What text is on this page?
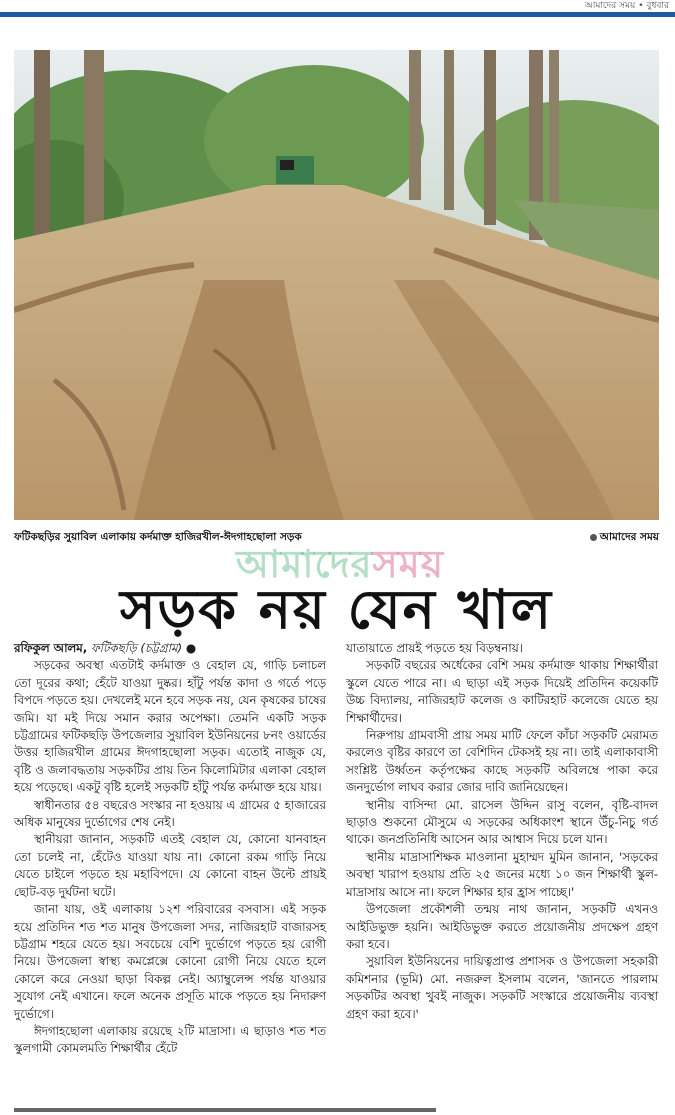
আমাদের সময় • বুধবার
ফটিকছড়ির সুয়াবিল এলাকায় কর্দমাক্ত হাজিরখীল-ঈদগাহছোলা সড়ক	আমাদের সময়
আমাদেরসময়
সড়ক নয় যেন খাল

রফিকুল আলম, ফটিকছড়ি (চট্টগ্রাম) ●

সড়কের অবস্থা এতটাই কর্দমাক্ত ও বেহাল যে, গাড়ি চলাচল তো দূরের কথা; হেঁটে যাওয়া দুষ্কর। হাঁটু পর্যন্ত কাদা ও গর্তে পড়ে বিপদে পড়তে হয়। দেখলেই মনে হবে সড়ক নয়, যেন কৃষকের চাষের জমি। যা মই দিয়ে সমান করার অপেক্ষা। তেমনি একটি সড়ক চট্টগ্রামের ফটিকছড়ি উপজেলার সুয়াবিল ইউনিয়নের ৮নং ওয়ার্ডের উত্তর হাজিরখীল গ্রামের ঈদগাহছোলা সড়ক। এতোই নাজুক যে, বৃষ্টি ও জলাবদ্ধতায় সড়কটির প্রায় তিন কিলোমিটার এলাকা বেহাল হয়ে পড়েছে। একটু বৃষ্টি হলেই সড়কটি হাঁটু পর্যন্ত কর্দমাক্ত হয়ে যায়।

স্বাধীনতার ৫৪ বছরেও সংস্কার না হওয়ায় এ গ্রামের ৫ হাজারের অধিক মানুষের দুর্ভোগের শেষ নেই।

স্থানীয়রা জানান, সড়কটি এতই বেহাল যে, কোনো যানবাহন তো চলেই না, হেঁটেও যাওয়া যায় না। কোনো রকম গাড়ি নিয়ে যেতে চাইলে পড়তে হয় মহাবিপদে। যে কোনো বাহন উল্টে প্রায়ই ছোট-বড় দুর্ঘটনা ঘটে।

জানা যায়, ওই এলাকায় ১২শ পরিবারের বসবাস। এই সড়ক হয়ে প্রতিদিন শত শত মানুষ উপজেলা সদর, নাজিরহাট বাজারসহ চট্টগ্রাম শহরে যেতে হয়। সবচেয়ে বেশি দুর্ভোগে পড়তে হয় রোগী নিয়ে। উপজেলা স্বাস্থ্য কমপ্লেক্সে কোনো রোগী নিয়ে যেতে হলে কোলে করে নেওয়া ছাড়া বিকল্প নেই। অ্যাম্বুলেন্স পর্যন্ত যাওয়ার সুযোগ নেই এখানে। ফলে অনেক প্রসূতি মাকে পড়তে হয় নিদারুণ দুর্ভোগে।

ঈদগাহছোলা এলাকায় রয়েছে ২টি মাদ্রাসা। এ ছাড়াও শত শত স্কুলগামী কোমলমতি শিক্ষার্থীর হেঁটে

যাতায়াতে প্রায়ই পড়তে হয় বিড়ম্বনায়।

সড়কটি বছরের অর্ধেকের বেশি সময় কর্দমাক্ত থাকায় শিক্ষার্থীরা স্কুলে যেতে পারে না। এ ছাড়া এই সড়ক দিয়েই প্রতিদিন কয়েকটি উচ্চ বিদ্যালয়, নাজিরহাট কলেজ ও কাটিরহাট কলেজে যেতে হয় শিক্ষার্থীদের।

নিরুপায় গ্রামবাসী প্রায় সময় মাটি ফেলে কাঁচা সড়কটি মেরামত করলেও বৃষ্টির কারণে তা বেশিদিন টেকসই হয় না। তাই এলাকাবাসী সংশ্লিষ্ট উর্ধ্বতন কর্তৃপক্ষের কাছে সড়কটি অবিলম্বে পাকা করে জনদুর্ভোগ লাঘব করার জোর দাবি জানিয়েছেন।

স্থানীয় বাসিন্দা মো. রাসেল উদ্দিন রাসু বলেন, বৃষ্টি-বাদল ছাড়াও শুকনো মৌসুমে এ সড়কের অধিকাংশ স্থানে উঁচু-নিচু গর্ত থাকে। জনপ্রতিনিধি আসেন আর আশ্বাস দিয়ে চলে যান।

স্থানীয় মাদ্রাসাশিক্ষক মাওলানা মুহাম্মদ মুমিন জানান, 'সড়কের অবস্থা খারাপ হওয়ায় প্রতি ২৫ জনের মধ্যে ১০ জন শিক্ষার্থী স্কুল-মাদ্রাসায় আসে না। ফলে শিক্ষার হার হ্রাস পাচ্ছে।'

উপজেলা প্রকৌশলী তন্ময় নাথ জানান, সড়কটি এখনও আইডিভুক্ত হয়নি। আইডিভুক্ত করতে প্রয়োজনীয় প্রদক্ষেপ গ্রহণ করা হবে।

সুয়াবিল ইউনিয়নের দায়িত্বপ্রাপ্ত প্রশাসক ও উপজেলা সহকারী কমিশনার (ভূমি) মো. নজরুল ইসলাম বলেন, 'জানতে পারলাম সড়কটির অবস্থা খুবই নাজুক। সড়কটি সংস্কারে প্রয়োজনীয় ব্যবস্থা গ্রহণ করা হবে।'
